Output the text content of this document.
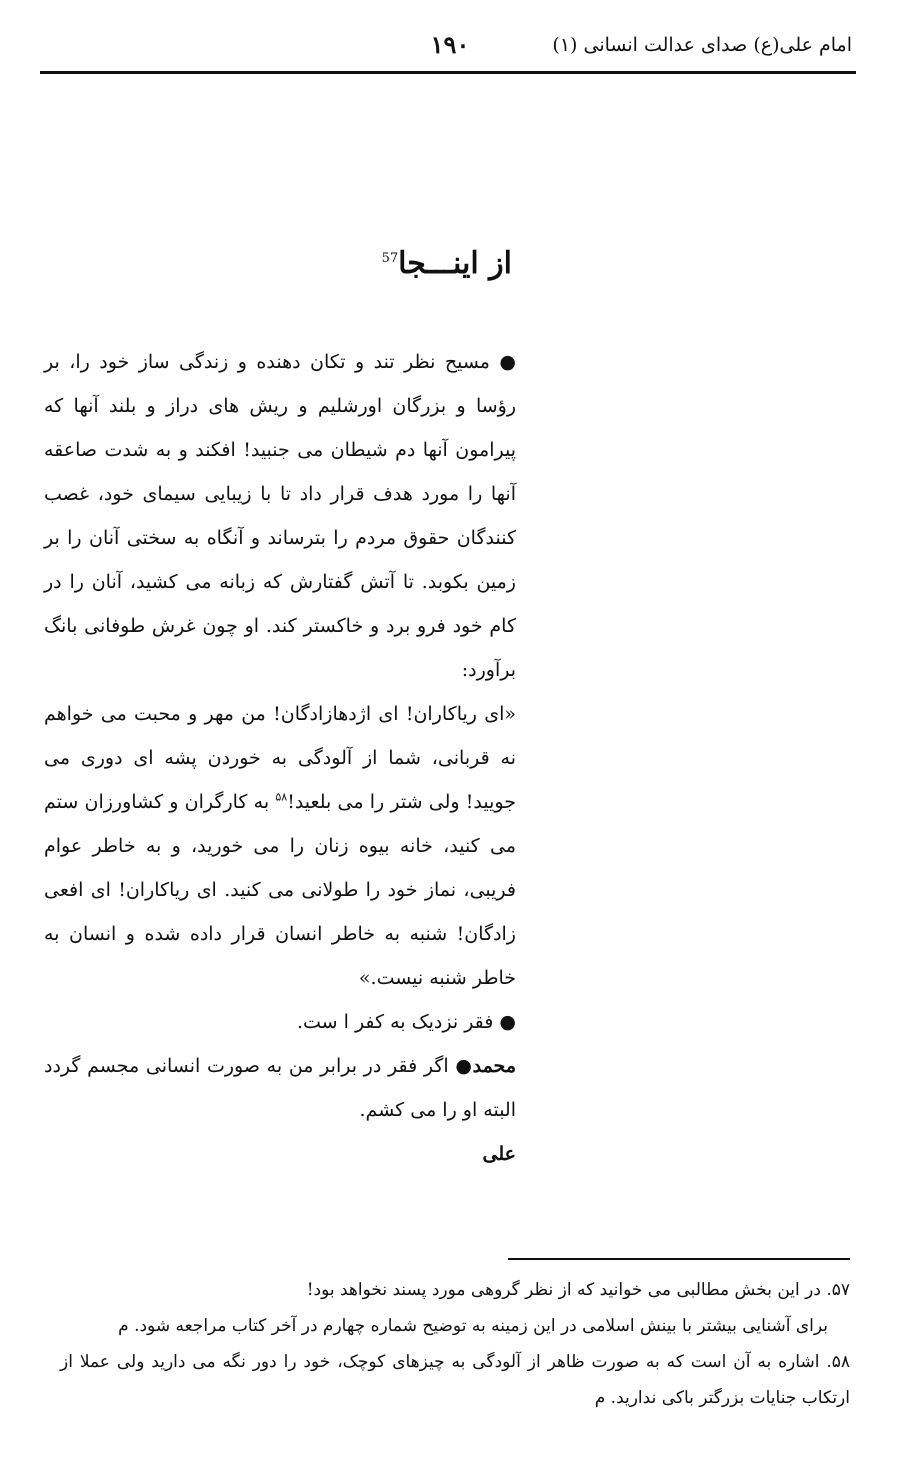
امام علی(ع) صدای عدالت انسانی (۱)
۱۹۰
از اینـــجا$^{57}$

● مسیح نظر تند و تکان دهنده و زندگی ساز خود را، بر رؤسا و بزرگان اورشلیم و ریش های دراز و بلند آنها که پیرامون آنها دم شیطان می جنبید! افکند و به شدت صاعقه آنها را مورد هدف قرار داد تا با زیبایی سیمای خود، غصب کنندگان حقوق مردم را بترساند و آنگاه به سختی آنان را بر زمین بکوبد. تا آتش گفتارش که زبانه می کشید، آنان را در کام خود فرو برد و خاکستر کند. او چون غرش طوفانی بانگ برآورد:

«ای ریاکاران! ای اژدهازادگان! من مهر و محبت می خواهم نه قربانی، شما از آلودگی به خوردن پشه ای دوری می جویید! ولی شتر را می بلعید!$^{۵۸}$ به کارگران و کشاورزان ستم می کنید، خانه بیوه زنان را می خورید، و به خاطر عوام فریبی، نماز خود را طولانی می کنید. ای ریاکاران! ای افعی زادگان! شنبه به خاطر انسان قرار داده شده و انسان به خاطر شنبه نیست.»

● فقر نزدیک به کفر ا ست.

محمد● اگر فقر در برابر من به صورت انسانی مجسم گردد البته او را می کشم.

علی

۵۷. در این بخش مطالبی می خوانید که از نظر گروهی مورد پسند نخواهد بود!

برای آشنایی بیشتر با بینش اسلامی در این زمینه به توضیح شماره چهارم در آخر کتاب مراجعه شود. م

۵۸. اشاره به آن است که به صورت ظاهر از آلودگی به چیزهای کوچک، خود را دور نگه می دارید ولی عملا از ارتکاب جنایات بزرگتر باکی ندارید. م
